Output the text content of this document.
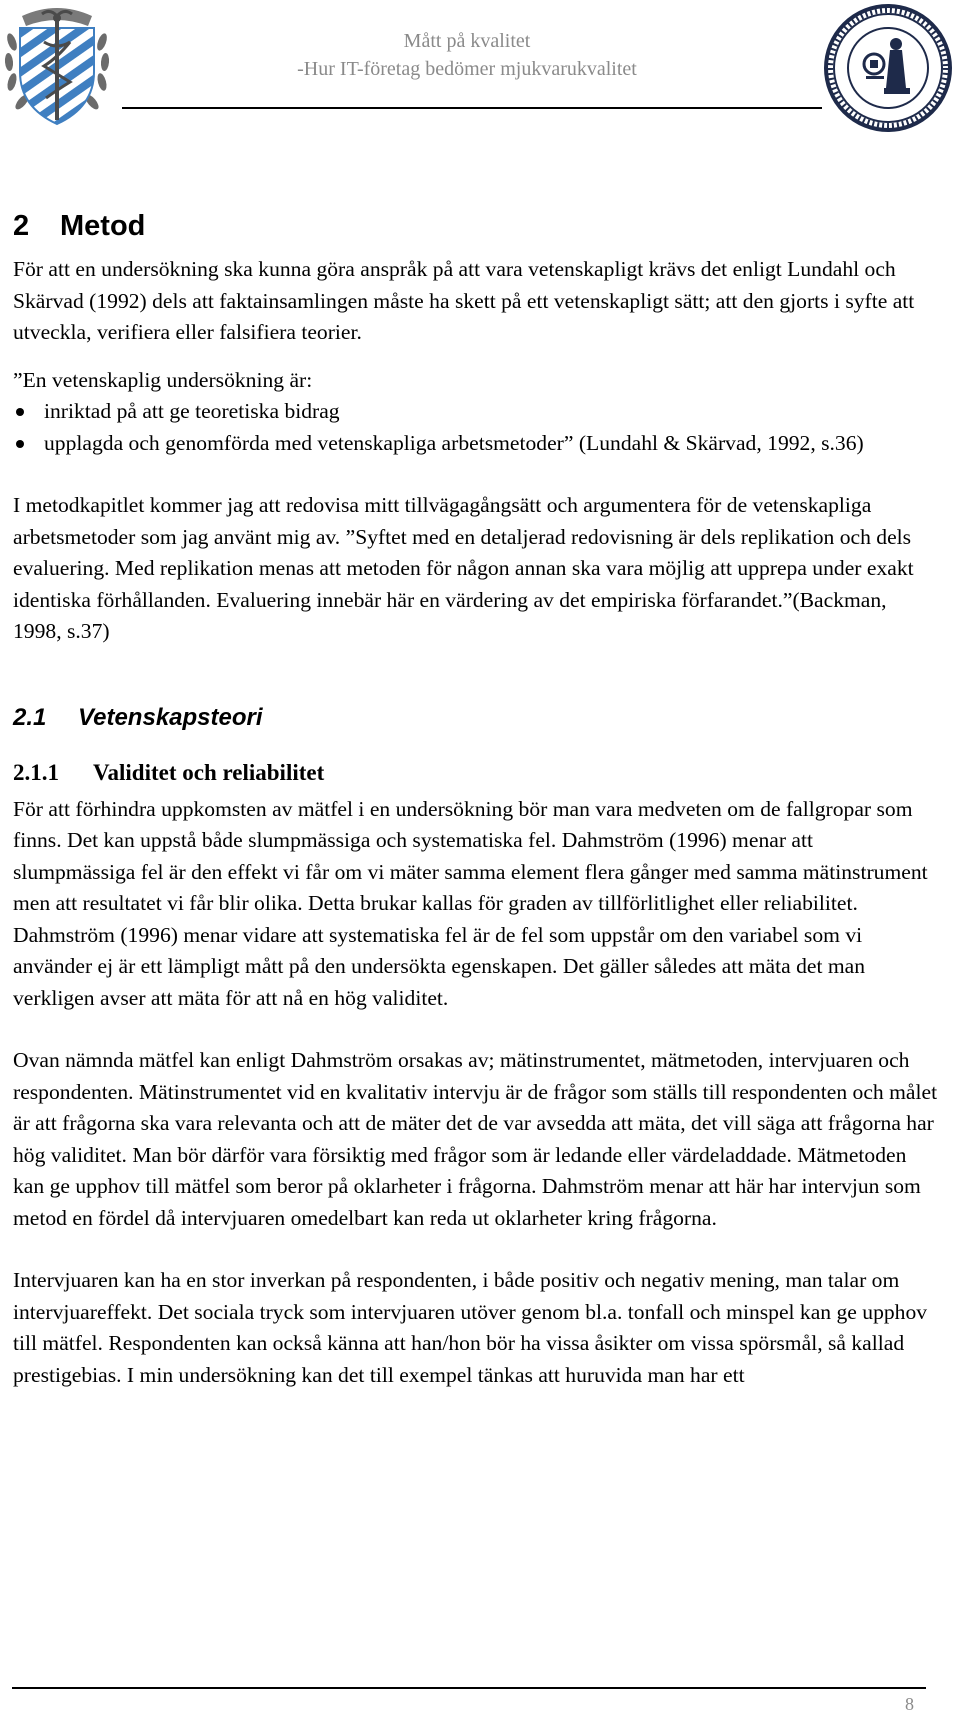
Mått på kvalitet
-Hur IT-företag bedömer mjukvarukvalitet
2 Metod

För att en undersökning ska kunna göra anspråk på att vara vetenskapligt krävs det enligt Lundahl och Skärvad (1992) dels att faktainsamlingen måste ha skett på ett vetenskapligt sätt; att den gjorts i syfte att utveckla, verifiera eller falsifiera teorier.

”En vetenskaplig undersökning är:

inriktad på att ge teoretiska bidrag
upplagda och genomförda med vetenskapliga arbetsmetoder” (Lundahl & Skärvad, 1992, s.36)

I metodkapitlet kommer jag att redovisa mitt tillvägagångsätt och argumentera för de vetenskapliga arbetsmetoder som jag använt mig av. ”Syftet med en detaljerad redovisning är dels replikation och dels evaluering. Med replikation menas att metoden för någon annan ska vara möjlig att upprepa under exakt identiska förhållanden. Evaluering innebär här en värdering av det empiriska förfarandet.”(Backman, 1998, s.37)

2.1 Vetenskapsteori
2.1.1 Validitet och reliabilitet

För att förhindra uppkomsten av mätfel i en undersökning bör man vara medveten om de fallgropar som finns. Det kan uppstå både slumpmässiga och systematiska fel. Dahmström (1996) menar att slumpmässiga fel är den effekt vi får om vi mäter samma element flera gånger med samma mätinstrument men att resultatet vi får blir olika. Detta brukar kallas för graden av tillförlitlighet eller reliabilitet. Dahmström (1996) menar vidare att systematiska fel är de fel som uppstår om den variabel som vi använder ej är ett lämpligt mått på den undersökta egenskapen. Det gäller således att mäta det man verkligen avser att mäta för att nå en hög validitet.

Ovan nämnda mätfel kan enligt Dahmström orsakas av; mätinstrumentet, mätmetoden, intervjuaren och respondenten. Mätinstrumentet vid en kvalitativ intervju är de frågor som ställs till respondenten och målet är att frågorna ska vara relevanta och att de mäter det de var avsedda att mäta, det vill säga att frågorna har hög validitet. Man bör därför vara försiktig med frågor som är ledande eller värdeladdade. Mätmetoden kan ge upphov till mätfel som beror på oklarheter i frågorna. Dahmström menar att här har intervjun som metod en fördel då intervjuaren omedelbart kan reda ut oklarheter kring frågorna.

Intervjuaren kan ha en stor inverkan på respondenten, i både positiv och negativ mening, man talar om intervjuareffekt. Det sociala tryck som intervjuaren utöver genom bl.a. tonfall och minspel kan ge upphov till mätfel. Respondenten kan också känna att han/hon bör ha vissa åsikter om vissa spörsmål, så kallad prestigebias. I min undersökning kan det till exempel tänkas att huruvida man har ett

8
